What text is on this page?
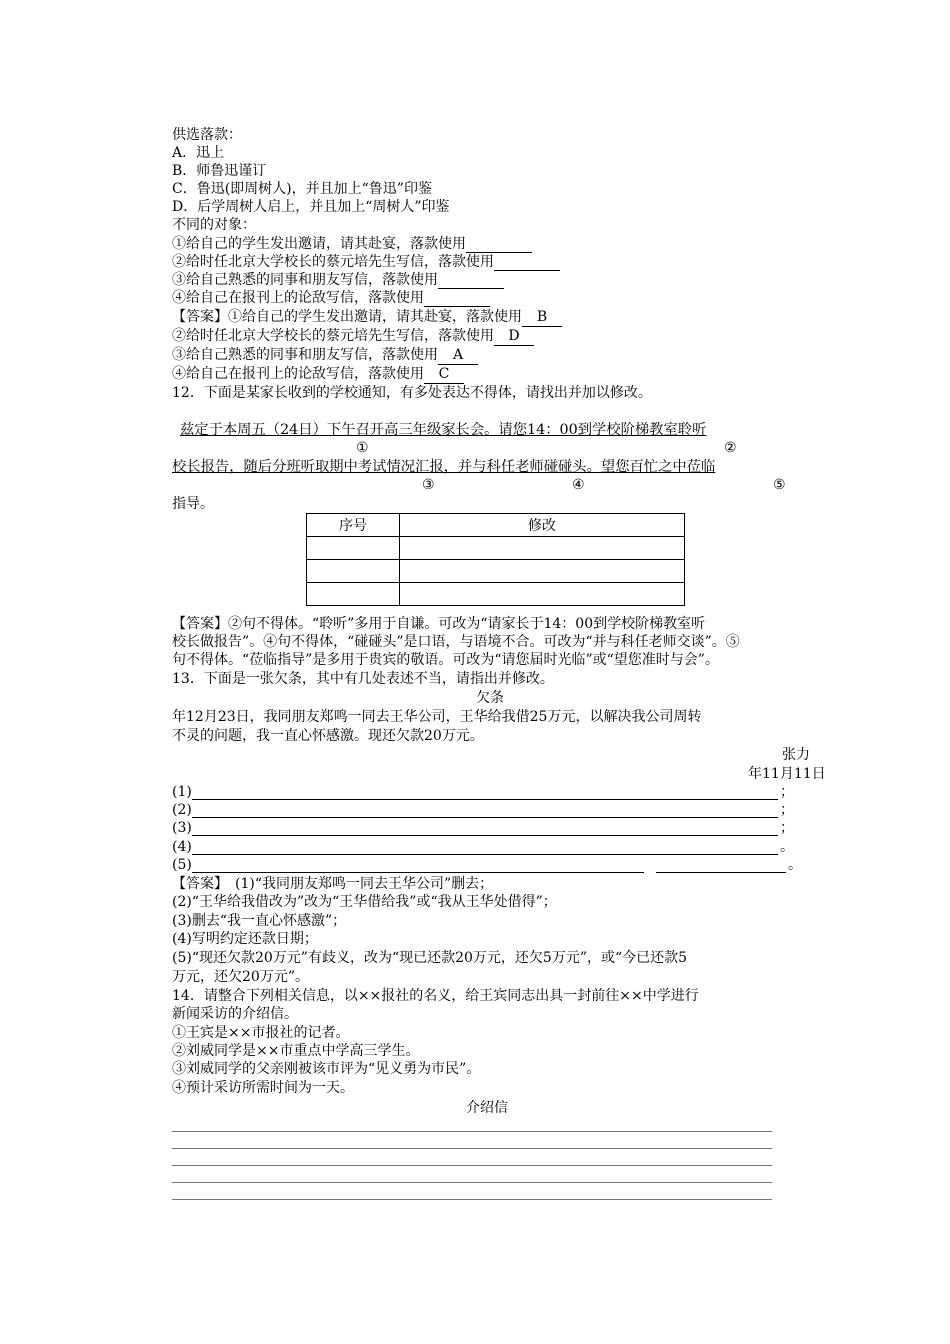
供选落款：
A．迅上
B．师鲁迅谨订
C．鲁迅(即周树人)，并且加上“鲁迅”印鉴
D．后学周树人启上，并且加上“周树人”印鉴
不同的对象：
①给自己的学生发出邀请，请其赴宴，落款使用
②给时任北京大学校长的蔡元培先生写信，落款使用
③给自己熟悉的同事和朋友写信，落款使用
④给自己在报刊上的论敌写信，落款使用
【答案】①给自己的学生发出邀请，请其赴宴，落款使用 B
②给时任北京大学校长的蔡元培先生写信，落款使用 D
③给自己熟悉的同事和朋友写信，落款使用 A
④给自己在报刊上的论敌写信，落款使用 C
12．下面是某家长收到的学校通知，有多处表达不得体，请找出并加以修改。
兹定于本周五（24日）下午召开高三年级家长会。请您14：00到学校阶梯教室聆听
①	②
校长报告，随后分班听取期中考试情况汇报，并与科任老师碰碰头。望您百忙之中莅临
③	④	⑤
指导。
序号	修改

【答案】②句不得体。“聆听”多用于自谦。可改为“请家长于14：00到学校阶梯教室听
校长做报告”。④句不得体，“碰碰头”是口语，与语境不合。可改为“并与科任老师交谈”。⑤
句不得体。“莅临指导”是多用于贵宾的敬语。可改为“请您届时光临”或“望您准时与会”。
13．下面是一张欠条，其中有几处表述不当，请指出并修改。
欠条
年12月23日，我同朋友郑鸣一同去王华公司，王华给我借25万元，以解决我公司周转
不灵的问题，我一直心怀感激。现还欠款20万元。
张力
年11月11日
(1)	；
(2)	；
(3)	；
(4)	。
(5)	。
【答案】　(1)“我同朋友郑鸣一同去王华公司”删去；
(2)“王华给我借改为”改为“王华借给我”或“我从王华处借得”；
(3)删去“我一直心怀感激”；
(4)写明约定还款日期；
(5)“现还欠款20万元”有歧义，改为“现已还款20万元，还欠5万元”，或“今已还款5
万元，还欠20万元”。
14．请整合下列相关信息，以××报社的名义，给王宾同志出具一封前往××中学进行
新闻采访的介绍信。
①王宾是××市报社的记者。
②刘威同学是××市重点中学高三学生。
③刘威同学的父亲刚被该市评为“见义勇为市民”。
④预计采访所需时间为一天。
介绍信
